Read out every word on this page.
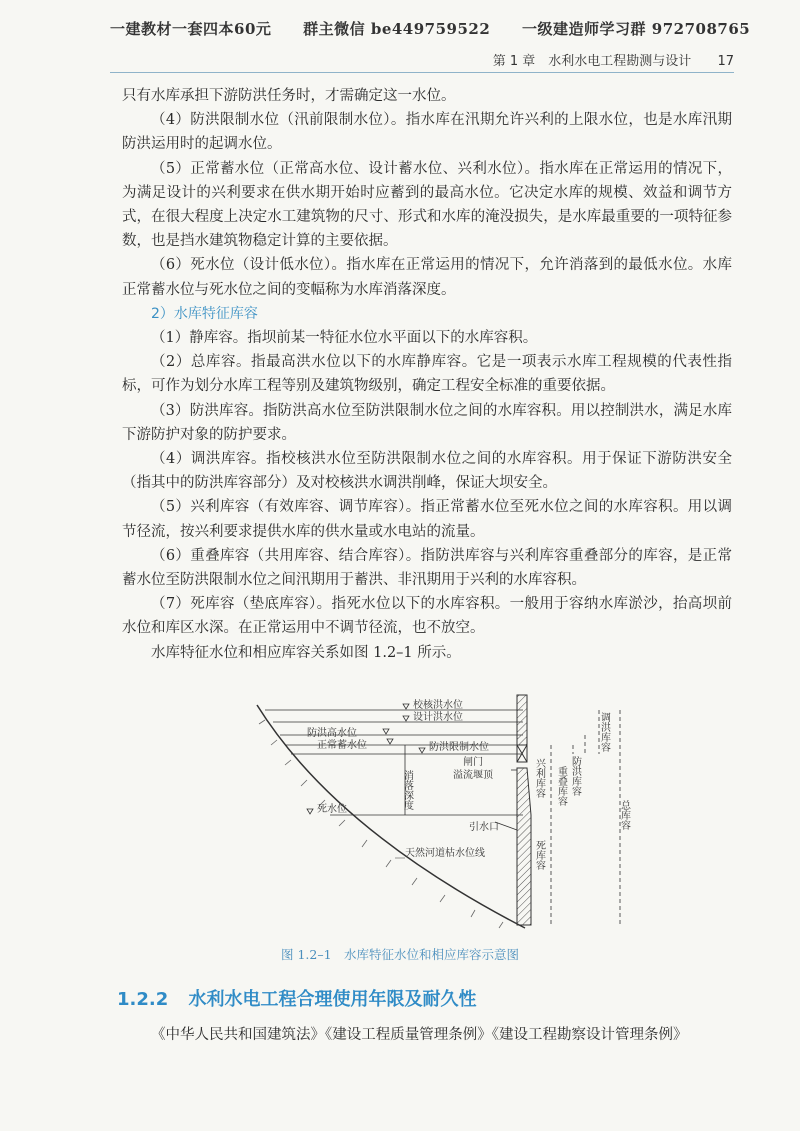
一建教材一套四本60元 群主微信 be449759522 一级建造师学习群 972708765
第 1 章　水利水电工程勘测与设计 17

只有水库承担下游防洪任务时，才需确定这一水位。

（4）防洪限制水位（汛前限制水位）。指水库在汛期允许兴利的上限水位，也是水库汛期防洪运用时的起调水位。

（5）正常蓄水位（正常高水位、设计蓄水位、兴利水位）。指水库在正常运用的情况下，为满足设计的兴利要求在供水期开始时应蓄到的最高水位。它决定水库的规模、效益和调节方式，在很大程度上决定水工建筑物的尺寸、形式和水库的淹没损失，是水库最重要的一项特征参数，也是挡水建筑物稳定计算的主要依据。

（6）死水位（设计低水位）。指水库在正常运用的情况下，允许消落到的最低水位。水库正常蓄水位与死水位之间的变幅称为水库消落深度。

2）水库特征库容

（1）静库容。指坝前某一特征水位水平面以下的水库容积。

（2）总库容。指最高洪水位以下的水库静库容。它是一项表示水库工程规模的代表性指标，可作为划分水库工程等别及建筑物级别，确定工程安全标准的重要依据。

（3）防洪库容。指防洪高水位至防洪限制水位之间的水库容积。用以控制洪水，满足水库下游防护对象的防护要求。

（4）调洪库容。指校核洪水位至防洪限制水位之间的水库容积。用于保证下游防洪安全（指其中的防洪库容部分）及对校核洪水调洪削峰，保证大坝安全。

（5）兴利库容（有效库容、调节库容）。指正常蓄水位至死水位之间的水库容积。用以调节径流，按兴利要求提供水库的供水量或水电站的流量。

（6）重叠库容（共用库容、结合库容）。指防洪库容与兴利库容重叠部分的库容，是正常蓄水位至防洪限制水位之间汛期用于蓄洪、非汛期用于兴利的水库容积。

（7）死库容（垫底库容）。指死水位以下的水库容积。一般用于容纳水库淤沙，抬高坝前水位和库区水深。在正常运用中不调节径流，也不放空。

水库特征水位和相应库容关系如图 1.2–1 所示。

校核洪水位
设计洪水位
防洪高水位
正常蓄水位	防洪限制水位
消落深度
闸门
溢流堰顶
死水位
引水口
天然河道枯水位线
调洪库容
防洪库容
重叠库容
兴利库容
死库容
总库容
图 1.2–1　水库特征水位和相应库容示意图
1.2.2 水利水电工程合理使用年限及耐久性
《中华人民共和国建筑法》《建设工程质量管理条例》《建设工程勘察设计管理条例》
